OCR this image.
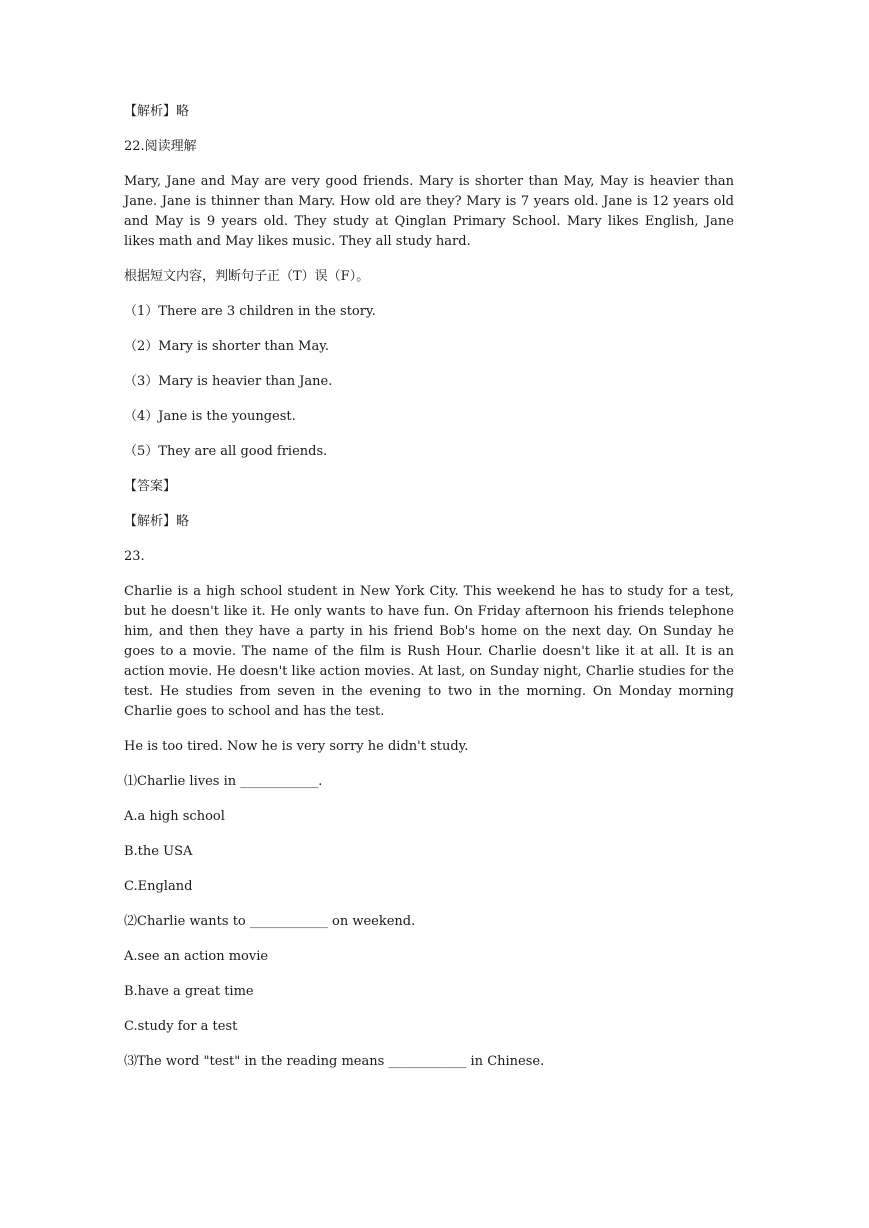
【解析】略

22.阅读理解

Mary, Jane and May are very good friends. Mary is shorter than May, May is heavier than Jane. Jane is thinner than Mary. How old are they? Mary is 7 years old. Jane is 12 years old and May is 9 years old. They study at Qinglan Primary School. Mary likes English, Jane likes math and May likes music. They all study hard.

根据短文内容，判断句子正（T）误（F）。

（1）There are 3 children in the story.

（2）Mary is shorter than May.

（3）Mary is heavier than Jane.

（4）Jane is the youngest.

（5）They are all good friends.

【答案】

【解析】略

23.

Charlie is a high school student in New York City. This weekend he has to study for a test, but he doesn't like it. He only wants to have fun. On Friday afternoon his friends telephone him, and then they have a party in his friend Bob's home on the next day. On Sunday he goes to a movie. The name of the film is Rush Hour. Charlie doesn't like it at all. It is an action movie. He doesn't like action movies. At last, on Sunday night, Charlie studies for the test. He studies from seven in the evening to two in the morning. On Monday morning Charlie goes to school and has the test.

He is too tired. Now he is very sorry he didn't study.

⑴Charlie lives in ____________.

A.a high school

B.the USA

C.England

⑵Charlie wants to ____________ on weekend.

A.see an action movie

B.have a great time

C.study for a test

⑶The word "test" in the reading means ____________ in Chinese.
